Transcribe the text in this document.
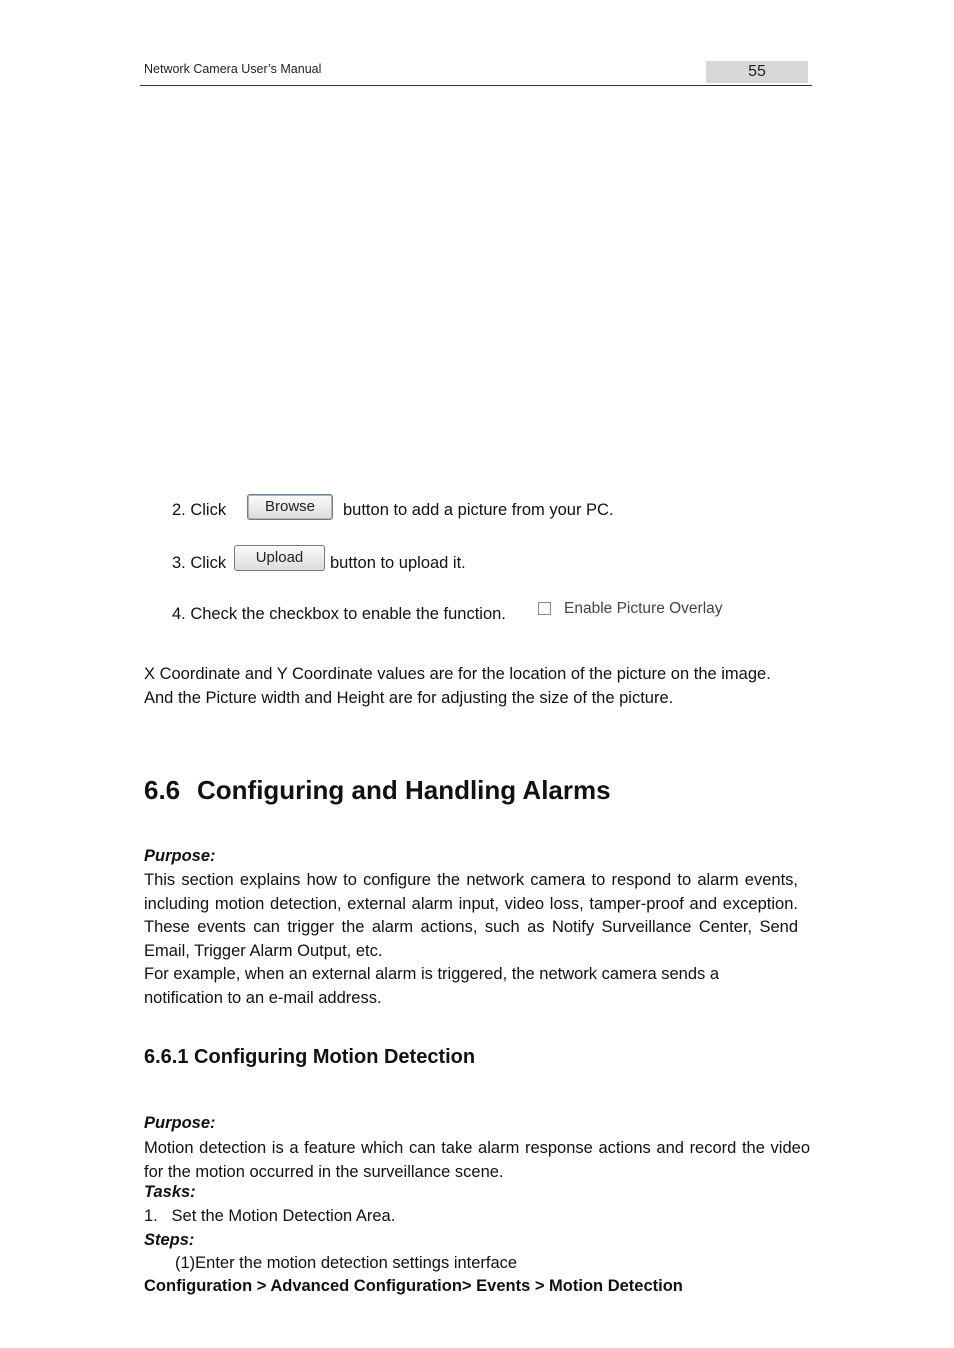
Network Camera User’s Manual	55
2. Click	Browse	button to add a picture from your PC.
3. Click	Upload	button to upload it.
4. Check the checkbox to enable the function.	Enable Picture Overlay
X Coordinate and Y Coordinate values are for the location of the picture on the image.
And the Picture width and Height are for adjusting the size of the picture.
6.6 Configuring and Handling Alarms
Purpose:
This section explains how to configure the network camera to respond to alarm events, including motion detection, external alarm input, video loss, tamper-proof and exception. These events can trigger the alarm actions, such as Notify Surveillance Center, Send Email, Trigger Alarm Output, etc.
For example, when an external alarm is triggered, the network camera sends a notification to an e-mail address.
6.6.1 Configuring Motion Detection
Purpose:
Motion detection is a feature which can take alarm response actions and record the video for the motion occurred in the surveillance scene.
Tasks:
1.   Set the Motion Detection Area.
Steps:
(1)Enter the motion detection settings interface
Configuration > Advanced Configuration> Events > Motion Detection
